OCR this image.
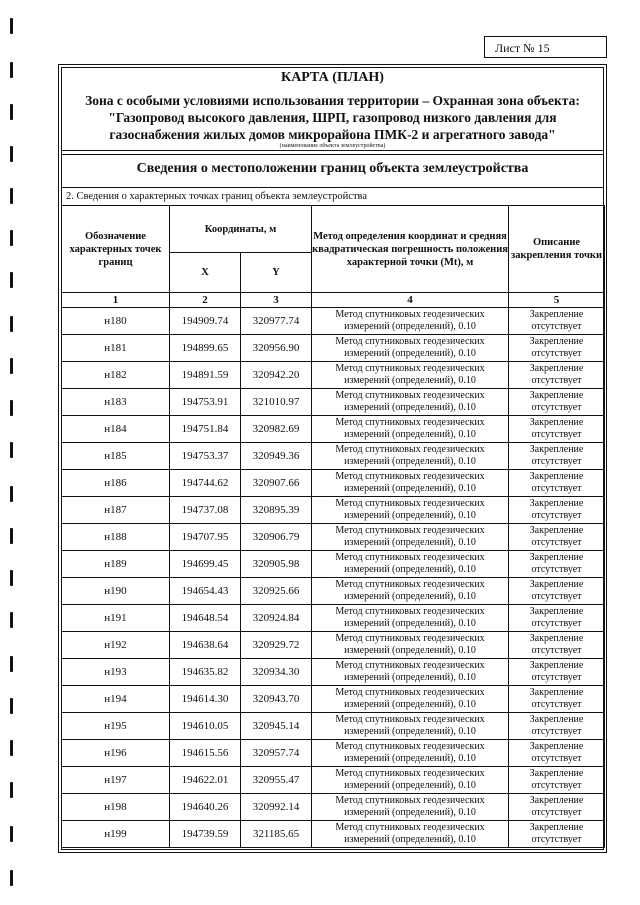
Лист № 15
КАРТА (ПЛАН)
Зона с особыми условиями использования территории – Охранная зона объекта:
"Газопровод высокого давления, ШРП, газопровод низкого давления для
газоснабжения жилых домов микрорайона ПМК-2 и агрегатного завода"
(наименование объекта землеустройства)
Сведения о местоположении границ объекта землеустройства
2. Сведения о характерных точках границ объекта землеустройства
Обозначение характерных точек границ	Координаты, м		Метод определения координат и средняя квадратическая погрешность положения характерной точки (Mt), м	Описание закрепления точки
	X	Y		
1	2	3	4	5
н180	194909.74	320977.74	Метод спутниковых геодезических измерений (определений), 0.10	Закрепление отсутствует
н181	194899.65	320956.90	Метод спутниковых геодезических измерений (определений), 0.10	Закрепление отсутствует
н182	194891.59	320942.20	Метод спутниковых геодезических измерений (определений), 0.10	Закрепление отсутствует
н183	194753.91	321010.97	Метод спутниковых геодезических измерений (определений), 0.10	Закрепление отсутствует
н184	194751.84	320982.69	Метод спутниковых геодезических измерений (определений), 0.10	Закрепление отсутствует
н185	194753.37	320949.36	Метод спутниковых геодезических измерений (определений), 0.10	Закрепление отсутствует
н186	194744.62	320907.66	Метод спутниковых геодезических измерений (определений), 0.10	Закрепление отсутствует
н187	194737.08	320895.39	Метод спутниковых геодезических измерений (определений), 0.10	Закрепление отсутствует
н188	194707.95	320906.79	Метод спутниковых геодезических измерений (определений), 0.10	Закрепление отсутствует
н189	194699.45	320905.98	Метод спутниковых геодезических измерений (определений), 0.10	Закрепление отсутствует
н190	194654.43	320925.66	Метод спутниковых геодезических измерений (определений), 0.10	Закрепление отсутствует
н191	194648.54	320924.84	Метод спутниковых геодезических измерений (определений), 0.10	Закрепление отсутствует
н192	194638.64	320929.72	Метод спутниковых геодезических измерений (определений), 0.10	Закрепление отсутствует
н193	194635.82	320934.30	Метод спутниковых геодезических измерений (определений), 0.10	Закрепление отсутствует
н194	194614.30	320943.70	Метод спутниковых геодезических измерений (определений), 0.10	Закрепление отсутствует
н195	194610.05	320945.14	Метод спутниковых геодезических измерений (определений), 0.10	Закрепление отсутствует
н196	194615.56	320957.74	Метод спутниковых геодезических измерений (определений), 0.10	Закрепление отсутствует
н197	194622.01	320955.47	Метод спутниковых геодезических измерений (определений), 0.10	Закрепление отсутствует
н198	194640.26	320992.14	Метод спутниковых геодезических измерений (определений), 0.10	Закрепление отсутствует
н199	194739.59	321185.65	Метод спутниковых геодезических измерений (определений), 0.10	Закрепление отсутствует
